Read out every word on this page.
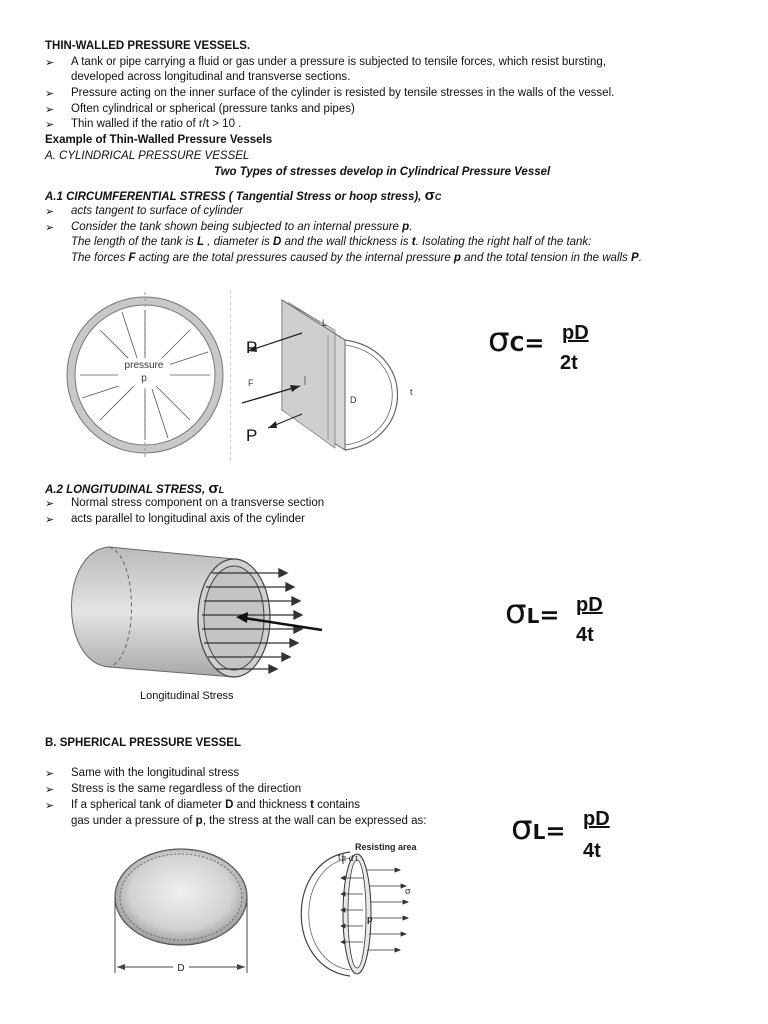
THIN-WALLED PRESSURE VESSELS.
➢ A tank or pipe carrying a fluid or gas under a pressure is subjected to tensile forces, which resist bursting,
developed across longitudinal and transverse sections.
➢ Pressure acting on the inner surface of the cylinder is resisted by tensile stresses in the walls of the vessel.
➢ Often cylindrical or spherical (pressure tanks and pipes)
➢ Thin walled if the ratio of r/t > 10 .
Example of Thin-Walled Pressure Vessels
A. CYLINDRICAL PRESSURE VESSEL
Two Types of stresses develop in Cylindrical Pressure Vessel
A.1 CIRCUMFERENTIAL STRESS ( Tangential Stress or hoop stress), σC
➢ acts tangent to surface of cylinder
➢ Consider the tank shown being subjected to an internal pressure p.
The length of the tank is L , diameter is D and the wall thickness is t. Isolating the right half of the tank:
The forces F acting are the total pressures caused by the internal pressure p and the total tension in the walls P.
pressure
p
L
F
D
t
P
P
σC= pD
2t
A.2 LONGITUDINAL STRESS, σL
➢ Normal stress component on a transverse section
➢ acts parallel to longitudinal axis of the cylinder
Longitudinal Stress
σL= pD
4t
B. SPHERICAL PRESSURE VESSEL
➢ Same with the longitudinal stress
➢ Stress is the same regardless of the direction
➢ If a spherical tank of diameter D and thickness t contains
gas under a pressure of p, the stress at the wall can be expressed as: σL= pD
4t
D
Resisting area
π d t
t
σ
p
